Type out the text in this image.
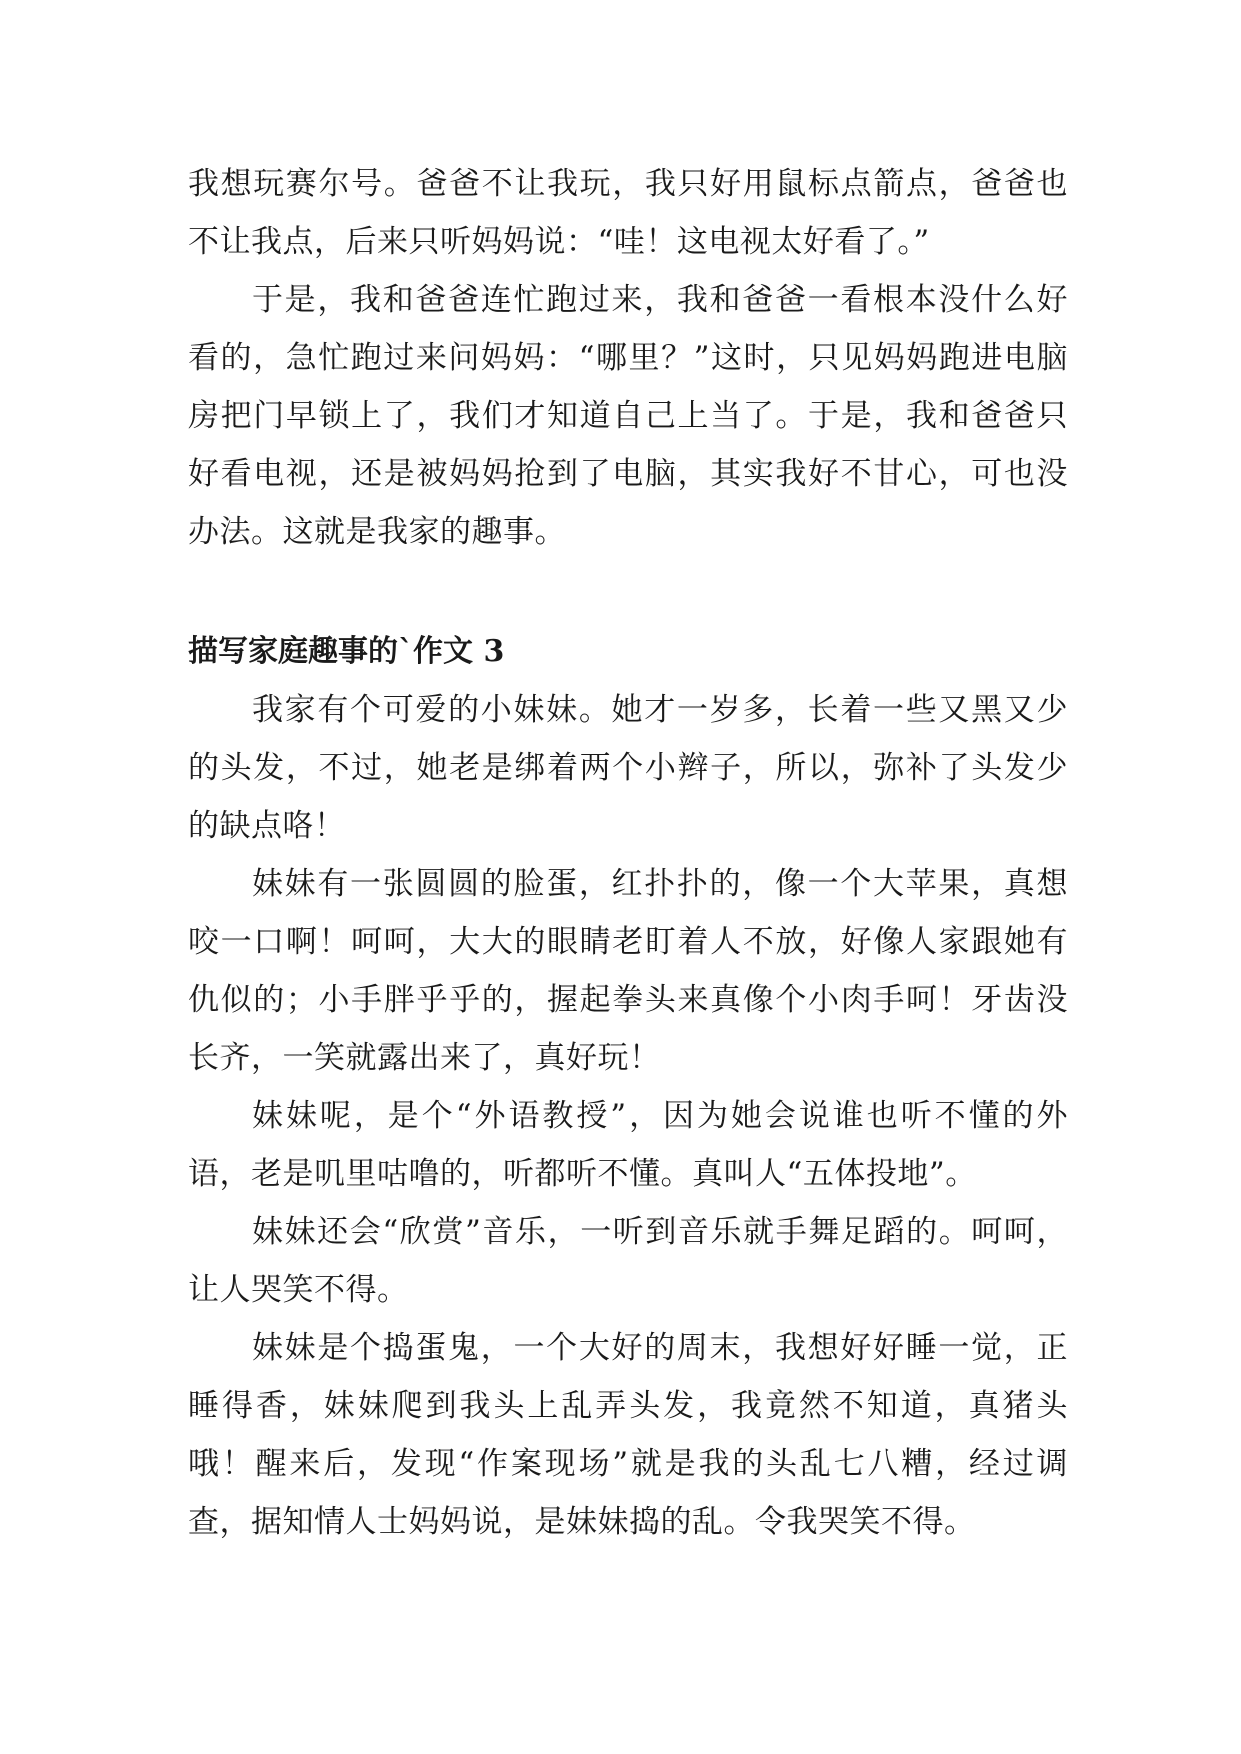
我想玩赛尔号。爸爸不让我玩，我只好用鼠标点箭点，爸爸也不让我点，后来只听妈妈说：“哇！这电视太好看了。”

于是，我和爸爸连忙跑过来，我和爸爸一看根本没什么好看的，急忙跑过来问妈妈：“哪里？”这时，只见妈妈跑进电脑房把门早锁上了，我们才知道自己上当了。于是，我和爸爸只好看电视，还是被妈妈抢到了电脑，其实我好不甘心，可也没办法。这就是我家的趣事。

描写家庭趣事的`作文 3

我家有个可爱的小妹妹。她才一岁多，长着一些又黑又少的头发，不过，她老是绑着两个小辫子，所以，弥补了头发少的缺点咯！

妹妹有一张圆圆的脸蛋，红扑扑的，像一个大苹果，真想咬一口啊！呵呵，大大的眼睛老盯着人不放，好像人家跟她有仇似的；小手胖乎乎的，握起拳头来真像个小肉手呵！牙齿没长齐，一笑就露出来了，真好玩！

妹妹呢，是个“外语教授”，因为她会说谁也听不懂的外语，老是叽里咕噜的，听都听不懂。真叫人“五体投地”。

妹妹还会“欣赏”音乐，一听到音乐就手舞足蹈的。呵呵，让人哭笑不得。

妹妹是个捣蛋鬼，一个大好的周末，我想好好睡一觉，正睡得香，妹妹爬到我头上乱弄头发，我竟然不知道，真猪头哦！醒来后，发现“作案现场”就是我的头乱七八糟，经过调查，据知情人士妈妈说，是妹妹捣的乱。令我哭笑不得。
